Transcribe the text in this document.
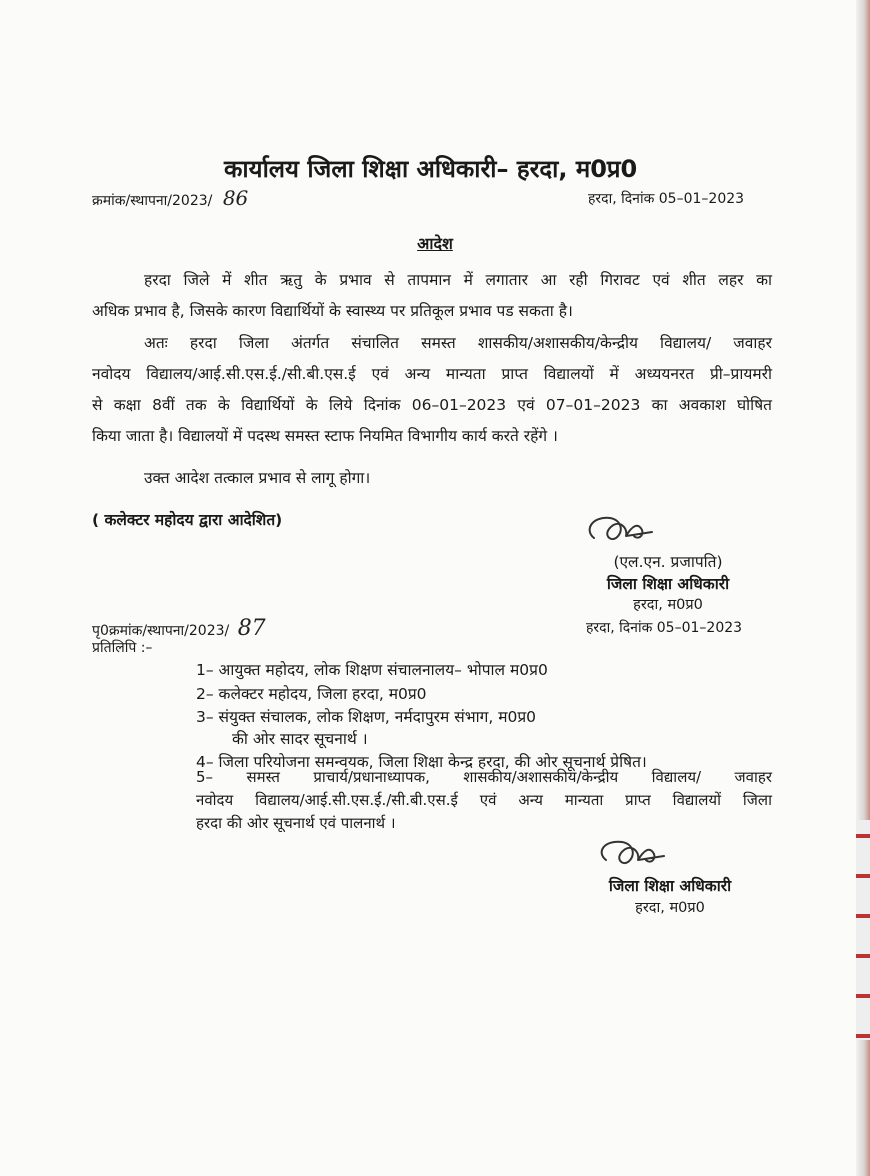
कार्यालय जिला शिक्षा अधिकारी– हरदा, म0प्र0
क्रमांक/स्थापना/2023/ 86	हरदा, दिनांक 05–01–2023
आदेश
हरदा जिले में शीत ऋतु के प्रभाव से तापमान में लगातार आ रही गिरावट एवं शीत लहर का
अधिक प्रभाव है, जिसके कारण विद्यार्थियों के स्वास्थ्य पर प्रतिकूल प्रभाव पड सकता है।
अतः हरदा जिला अंतर्गत संचालित समस्त शासकीय/अशासकीय/केन्द्रीय विद्यालय/ जवाहर
नवोदय विद्यालय/आई.सी.एस.ई./सी.बी.एस.ई एवं अन्य मान्यता प्राप्त विद्यालयों में अध्ययनरत प्री–प्रायमरी
से कक्षा 8वीं तक के विद्यार्थियों के लिये दिनांक 06–01–2023 एवं 07–01–2023 का अवकाश घोषित
किया जाता है। विद्यालयों में पदस्थ समस्त स्टाफ नियमित विभागीय कार्य करते रहेंगे ।
उक्त आदेश तत्काल प्रभाव से लागू होगा।
( कलेक्टर महोदय द्वारा आदेशित)
(एल.एन. प्रजापति)
जिला शिक्षा अधिकारी
हरदा, म0प्र0
पृ0क्रमांक/स्थापना/2023/ 87	हरदा, दिनांक 05–01–2023
प्रतिलिपि :–
1– आयुक्त महोदय, लोक शिक्षण संचालनालय– भोपाल म0प्र0
2– कलेक्टर महोदय, जिला हरदा, म0प्र0
3– संयुक्त संचालक, लोक शिक्षण, नर्मदापुरम संभाग, म0प्र0
की ओर सादर सूचनार्थ ।
4– जिला परियोजना समन्वयक, जिला शिक्षा केन्द्र हरदा, की ओर सूचनार्थ प्रेषित।
5– समस्त प्राचार्य/प्रधानाध्यापक, शासकीय/अशासकीय/केन्द्रीय विद्यालय/ जवाहर
नवोदय विद्यालय/आई.सी.एस.ई./सी.बी.एस.ई एवं अन्य मान्यता प्राप्त विद्यालयों जिला
हरदा की ओर सूचनार्थ एवं पालनार्थ ।
जिला शिक्षा अधिकारी
हरदा, म0प्र0
